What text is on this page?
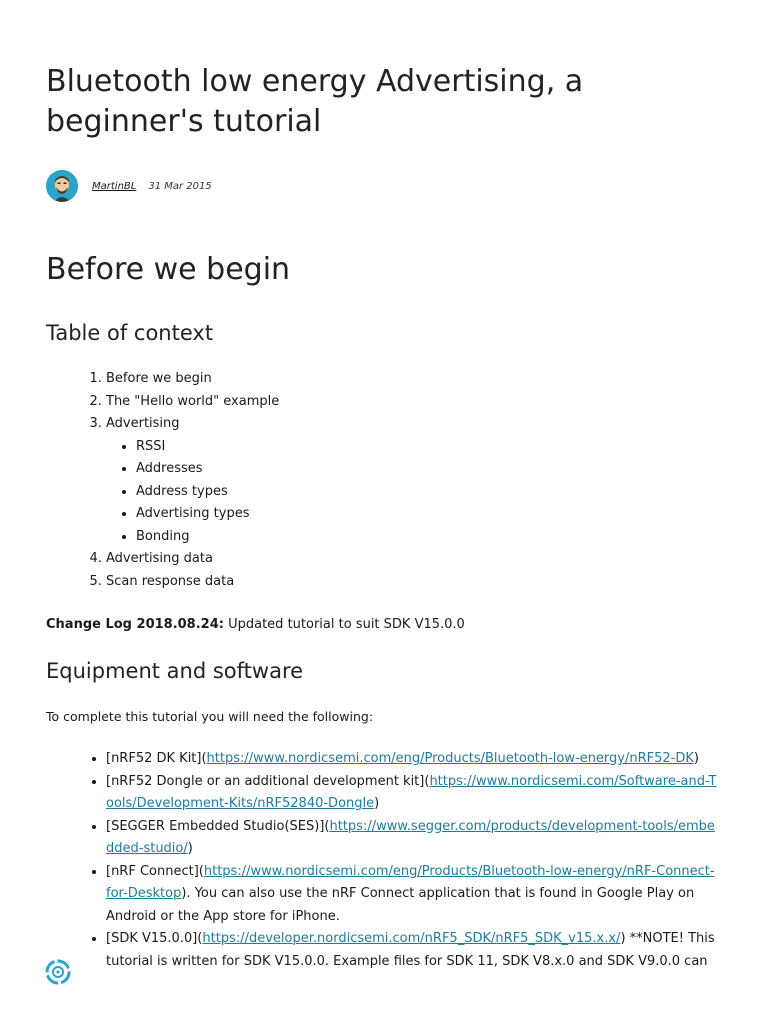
Bluetooth low energy Advertising, a beginner's tutorial
MartinBL 31 Mar 2015
Before we begin
Table of context
1. Before we begin
2. The "Hello world" example
3. Advertising
• RSSI
• Addresses
• Address types
• Advertising types
• Bonding
4. Advertising data
5. Scan response data

Change Log 2018.08.24: Updated tutorial to suit SDK V15.0.0

Equipment and software

To complete this tutorial you will need the following:

• [nRF52 DK Kit](https://www.nordicsemi.com/eng/Products/Bluetooth-low-energy/nRF52-DK)
• [nRF52 Dongle or an additional development kit](https://www.nordicsemi.com/Software-and-Tools/Development-Kits/nRF52840-Dongle)
• [SEGGER Embedded Studio(SES)](https://www.segger.com/products/development-tools/embedded-studio/)
• [nRF Connect](https://www.nordicsemi.com/eng/Products/Bluetooth-low-energy/nRF-Connect-for-Desktop). You can also use the nRF Connect application that is found in Google Play on Android or the App store for iPhone.
• [SDK V15.0.0](https://developer.nordicsemi.com/nRF5_SDK/nRF5_SDK_v15.x.x/) **NOTE! This tutorial is written for SDK V15.0.0. Example files for SDK 11, SDK V8.x.0 and SDK V9.0.0 can
